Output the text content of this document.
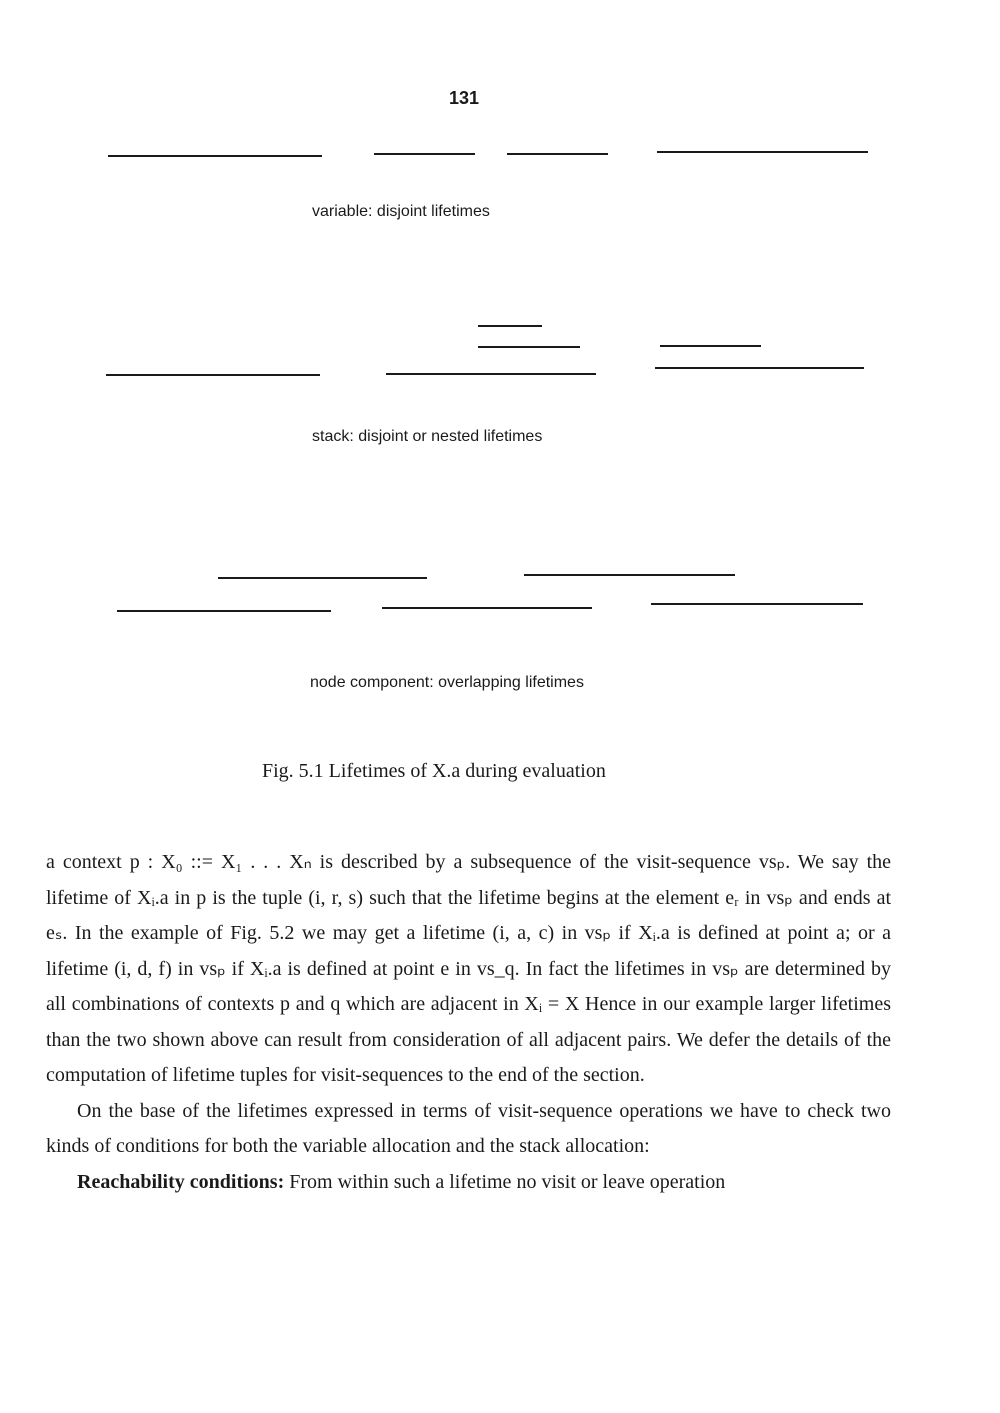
131
variable: disjoint lifetimes
stack: disjoint or nested lifetimes
node component: overlapping lifetimes
Fig. 5.1 Lifetimes of X.a during evaluation

a context p : X₀ ::= X₁ . . . Xₙ is described by a subsequence of the visit-sequence vsₚ. We say the lifetime of Xᵢ.a in p is the tuple (i, r, s) such that the lifetime begins at the element eᵣ in vsₚ and ends at eₛ. In the example of Fig. 5.2 we may get a lifetime (i, a, c) in vsₚ if Xᵢ.a is defined at point a; or a lifetime (i, d, f) in vsₚ if Xᵢ.a is defined at point e in vs_q. In fact the lifetimes in vsₚ are determined by all combinations of contexts p and q which are adjacent in Xᵢ = X Hence in our example larger lifetimes than the two shown above can result from consideration of all adjacent pairs. We defer the details of the computation of lifetime tuples for visit-sequences to the end of the section.

On the base of the lifetimes expressed in terms of visit-sequence operations we have to check two kinds of conditions for both the variable allocation and the stack allocation:

Reachability conditions: From within such a lifetime no visit or leave operation
